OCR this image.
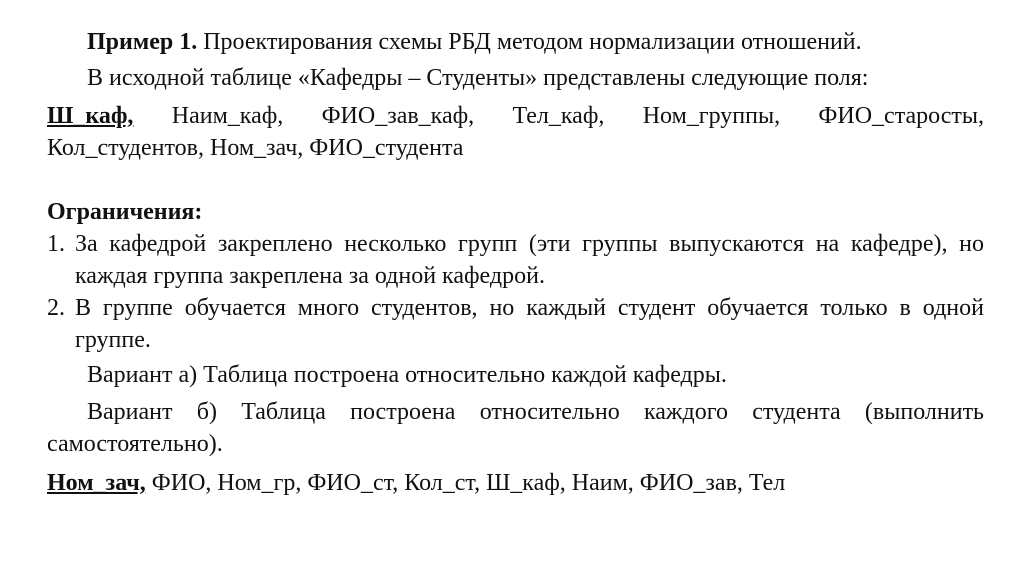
Пример 1. Проектирования схемы РБД методом нормализации отношений.

В исходной таблице «Кафедры – Студенты» представлены следующие поля:

Ш_каф, Наим_каф, ФИО_зав_каф, Тел_каф, Ном_группы, ФИО_старосты, Кол_студентов, Ном_зач, ФИО_студента

Ограничения:

1. За кафедрой закреплено несколько групп (эти группы выпускаются на кафедре), но каждая группа закреплена за одной кафедрой.
2. В группе обучается много студентов, но каждый студент обучается только в одной группе.

Вариант а) Таблица построена относительно каждой кафедры.

Вариант б) Таблица построена относительно каждого студента (выполнить самостоятельно).

Ном_зач, ФИО, Ном_гр, ФИО_ст, Кол_ст, Ш_каф, Наим, ФИО_зав, Тел
